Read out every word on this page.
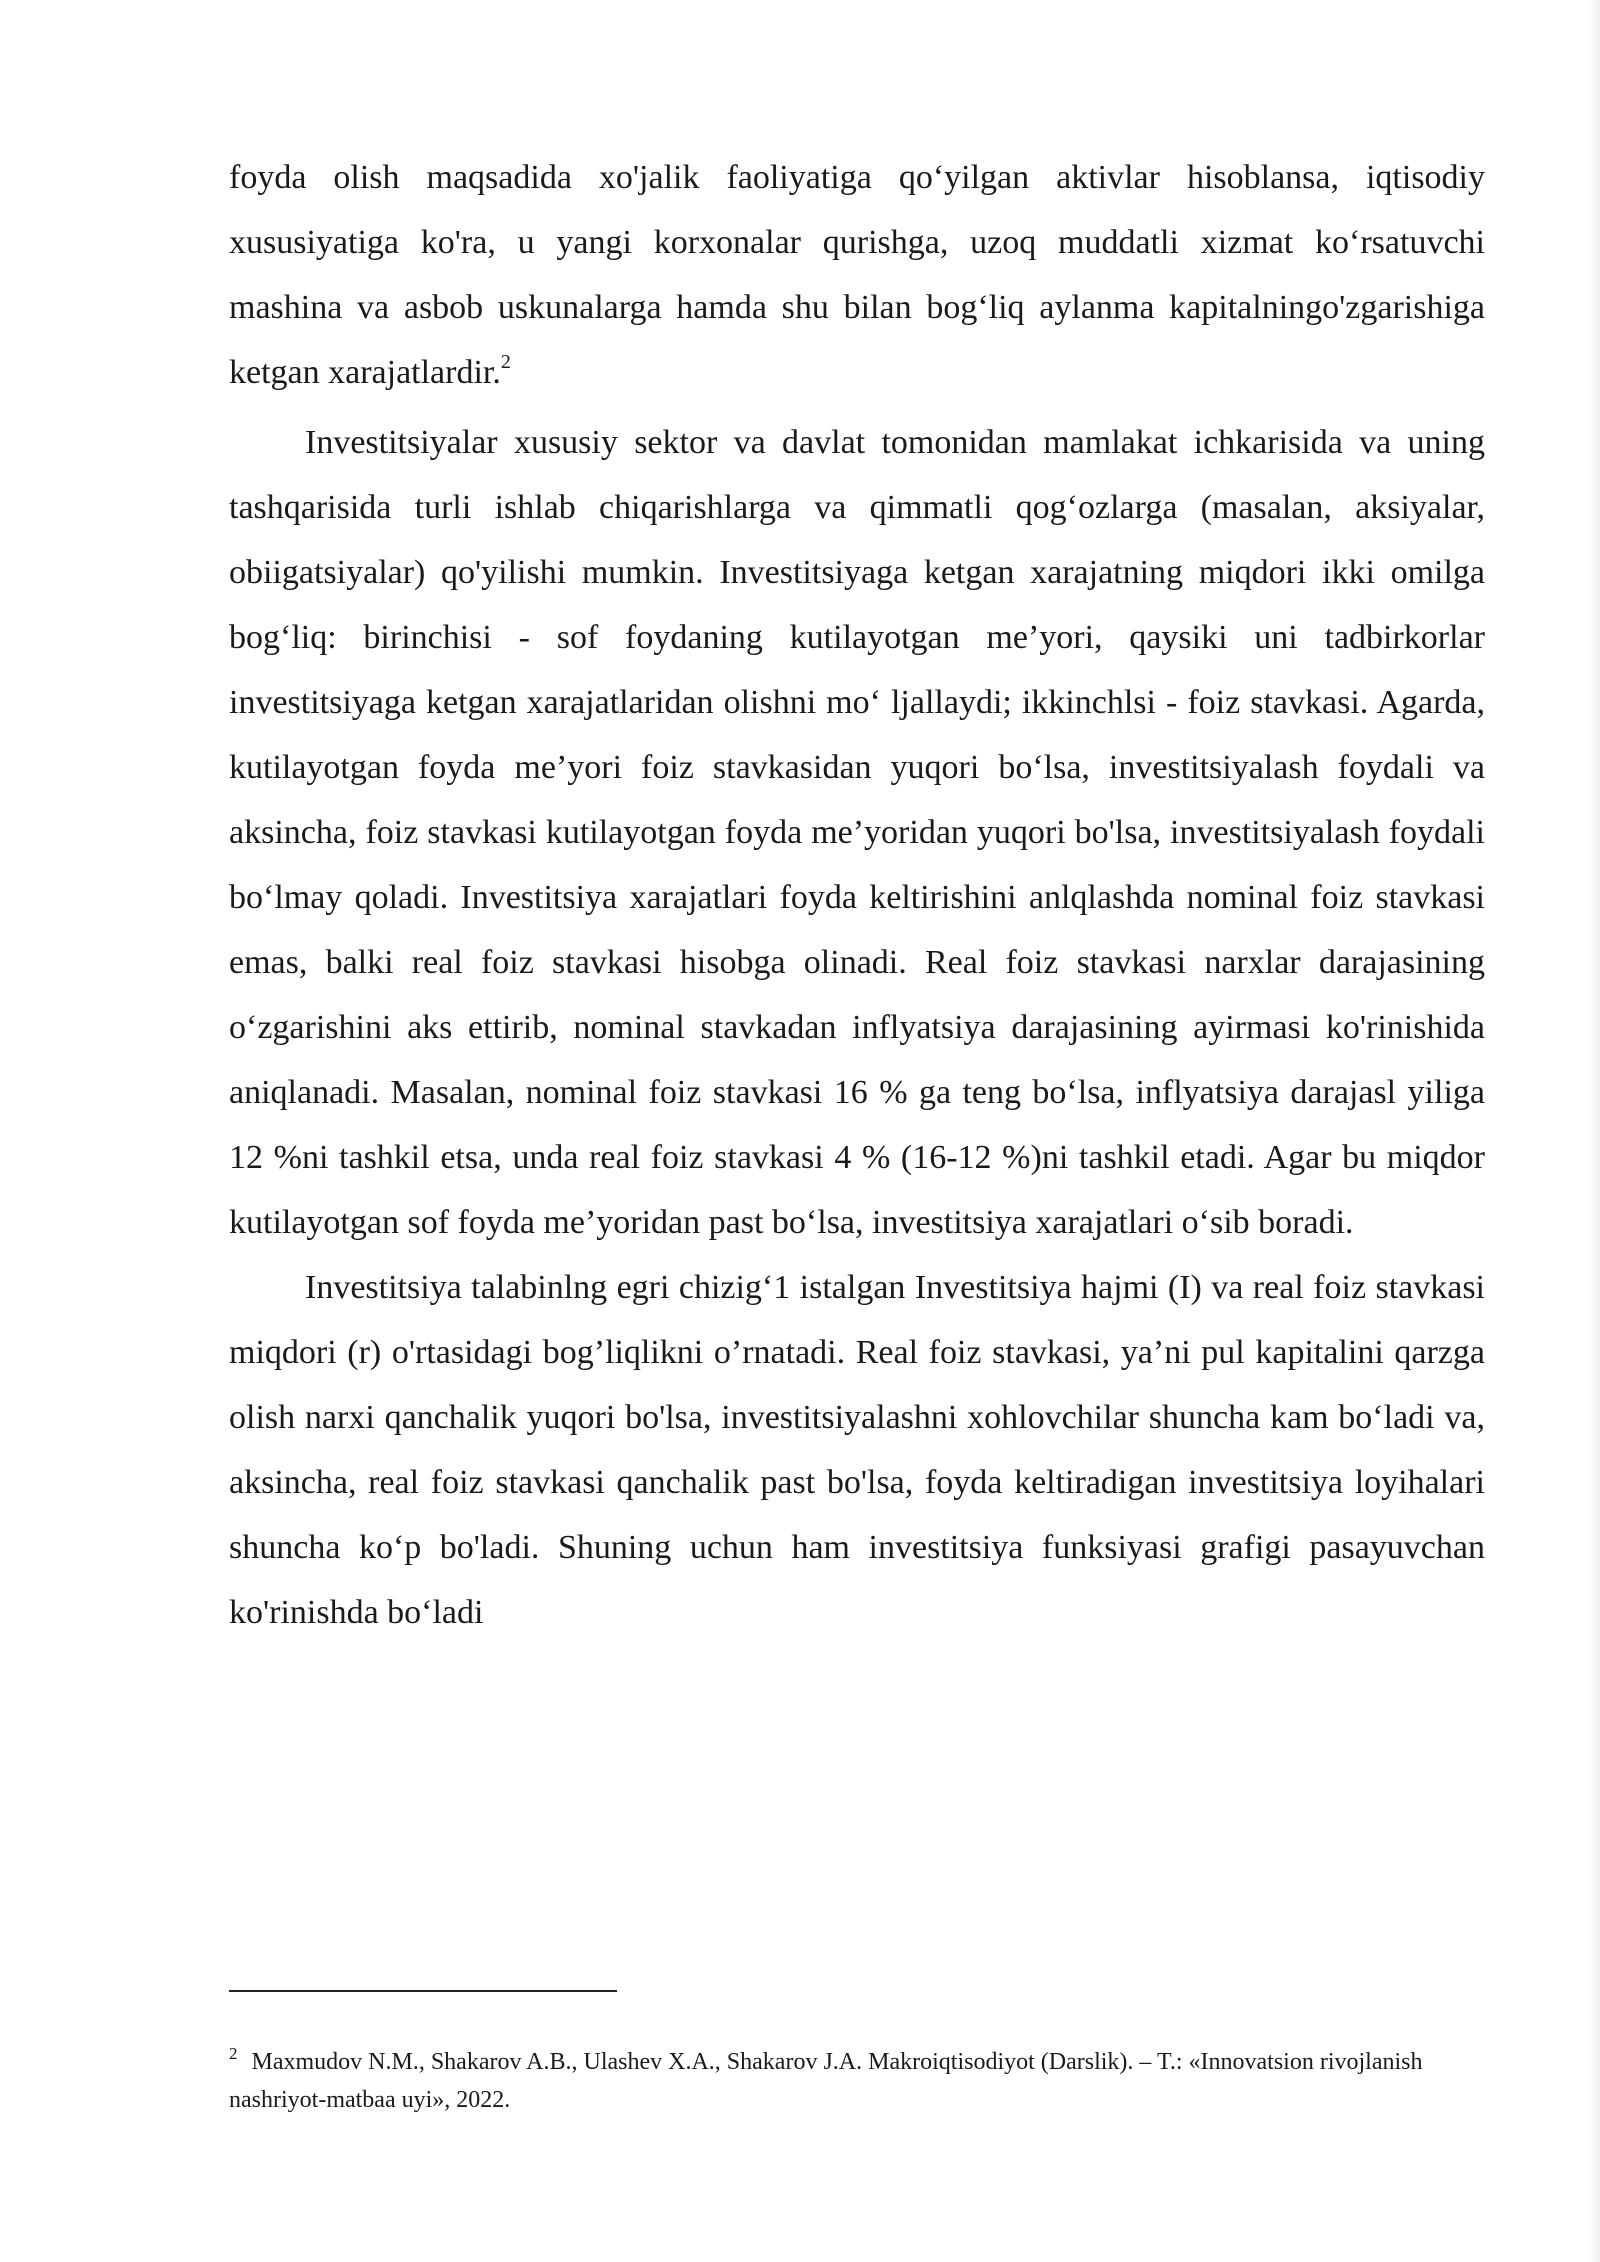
foyda olish maqsadida xo'jalik faoliyatiga qo‘yilgan aktivlar hisoblansa, iqtisodiy xususiyatiga ko'ra, u yangi korxonalar qurishga, uzoq muddatli xizmat ko‘rsatuvchi mashina va asbob uskunalarga hamda shu bilan bog‘liq aylanma kapitalningo'zgarishiga ketgan xarajatlardir.$^2$

Investitsiyalar xususiy sektor va davlat tomonidan mamlakat ichkarisida va uning tashqarisida turli ishlab chiqarishlarga va qimmatli qog‘ozlarga (masalan, aksiyalar, obiigatsiyalar) qo'yilishi mumkin. Investitsiyaga ketgan xarajatning miqdori ikki omilga bog‘liq: birinchisi - sof foydaning kutilayotgan me’yori, qaysiki uni tadbirkorlar investitsiyaga ketgan xarajatlaridan olishni mo‘ ljallaydi; ikkinchlsi - foiz stavkasi. Agarda, kutilayotgan foyda me’yori foiz stavkasidan yuqori bo‘lsa, investitsiyalash foydali va aksincha, foiz stavkasi kutilayotgan foyda me’yoridan yuqori bo'lsa, investitsiyalash foydali bo‘lmay qoladi. Investitsiya xarajatlari foyda keltirishini anlqlashda nominal foiz stavkasi emas, balki real foiz stavkasi hisobga olinadi. Real foiz stavkasi narxlar darajasining o‘zgarishini aks ettirib, nominal stavkadan inflyatsiya darajasining ayirmasi ko'rinishida aniqlanadi. Masalan, nominal foiz stavkasi 16 % ga teng bo‘lsa, inflyatsiya darajasl yiliga 12 %ni tashkil etsa, unda real foiz stavkasi 4 % (16-12 %)ni tashkil etadi. Agar bu miqdor kutilayotgan sof foyda me’yoridan past bo‘lsa, investitsiya xarajatlari o‘sib boradi.

Investitsiya talabinlng egri chizig‘1 istalgan Investitsiya hajmi (I) va real foiz stavkasi miqdori (r) o'rtasidagi bog’liqlikni o’rnatadi. Real foiz stavkasi, ya’ni pul kapitalini qarzga olish narxi qanchalik yuqori bo'lsa, investitsiyalashni xohlovchilar shuncha kam bo‘ladi va, aksincha, real foiz stavkasi qanchalik past bo'lsa, foyda keltiradigan investitsiya loyihalari shuncha ko‘p bo'ladi. Shuning uchun ham investitsiya funksiyasi grafigi pasayuvchan ko'rinishda bo‘ladi

$^2$ Maxmudov N.M., Shakarov A.B., Ulashev X.A., Shakarov J.A. Makroiqtisodiyot (Darslik). – T.: «Innovatsion rivojlanish nashriyot-matbaa uyi», 2022.
